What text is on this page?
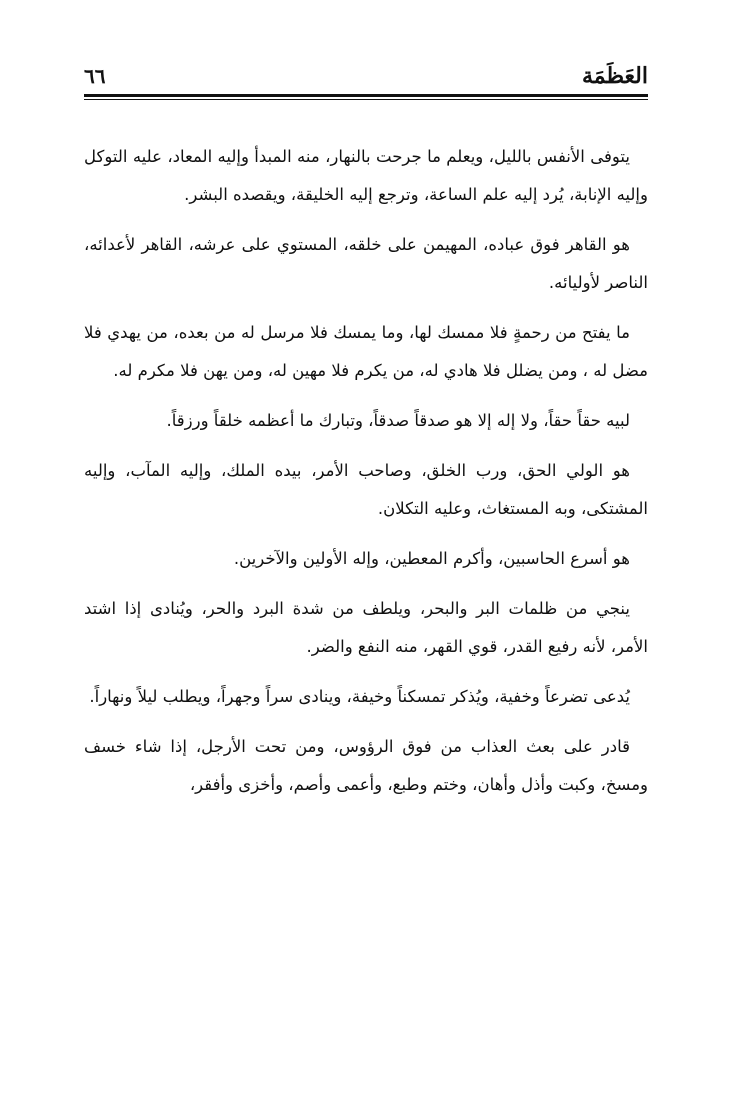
العَظَمَة
٦٦

يتوفى الأنفس بالليل، ويعلم ما جرحت بالنهار، منه المبدأ وإليه المعاد، عليه التوكل وإليه الإنابة، يُرد إليه علم الساعة، وترجع إليه الخليقة، ويقصده البشر.

هو القاهر فوق عباده، المهيمن على خلقه، المستوي على عرشه، القاهر لأعدائه، الناصر لأوليائه.

ما يفتح من رحمةٍ فلا ممسك لها، وما يمسك فلا مرسل له من بعده، من يهدي فلا مضل له ، ومن يضلل فلا هادي له، من يكرم فلا مهين له، ومن يهن فلا مكرم له.

لبيه حقاً حقاً، ولا إله إلا هو صدقاً صدقاً، وتبارك ما أعظمه خلقاً ورزقاً.

هو الولي الحق، ورب الخلق، وصاحب الأمر، بيده الملك، وإليه المآب، وإليه المشتكى، وبه المستغاث، وعليه التكلان.

هو أسرع الحاسبين، وأكرم المعطين، وإله الأولين والآخرين.

ينجي من ظلمات البر والبحر، ويلطف من شدة البرد والحر، ويُنادى إذا اشتد الأمر، لأنه رفيع القدر، قوي القهر، منه النفع والضر.

يُدعى تضرعاً وخفية، ويُذكر تمسكناً وخيفة، وينادى سراً وجهراً، ويطلب ليلاً ونهاراً.

قادر على بعث العذاب من فوق الرؤوس، ومن تحت الأرجل، إذا شاء خسف ومسخ، وكبت وأذل وأهان، وختم وطبع، وأعمى وأصم، وأخزى وأفقر،
